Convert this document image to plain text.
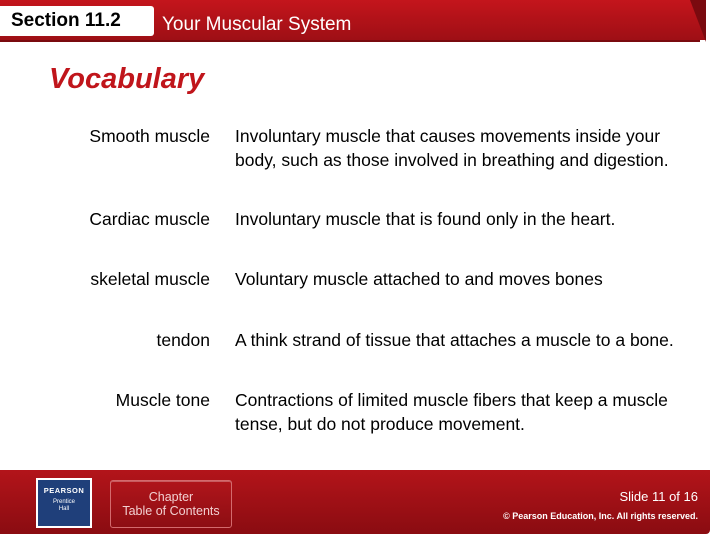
Section 11.2 Your Muscular System
Vocabulary
Smooth muscle Involuntary muscle that causes movements inside your body, such as those involved in breathing and digestion.
Cardiac muscle Involuntary muscle that is found only in the heart.
skeletal muscle Voluntary muscle attached to and moves bones
tendon A think strand of tissue that attaches a muscle to a bone.
Muscle tone Contractions of limited muscle fibers that keep a muscle tense, but do not produce movement.
PEARSON
Prentice
Hall
Chapter
Table of Contents
Slide 11 of 16
© Pearson Education, Inc. All rights reserved.
